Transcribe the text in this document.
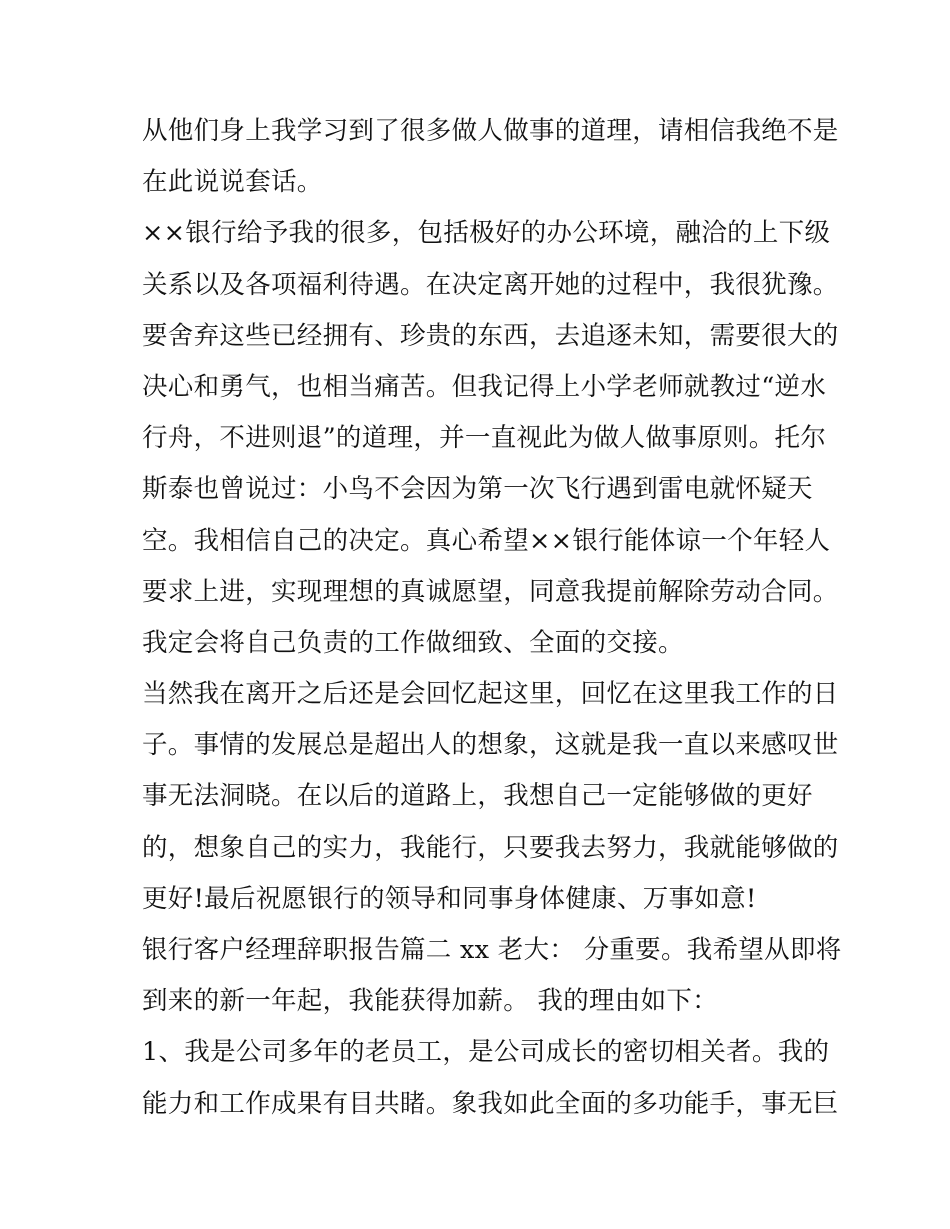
从他们身上我学习到了很多做人做事的道理，请相信我绝不是
在此说说套话。
××银行给予我的很多，包括极好的办公环境，融洽的上下级
关系以及各项福利待遇。在决定离开她的过程中，我很犹豫。
要舍弃这些已经拥有、珍贵的东西，去追逐未知，需要很大的
决心和勇气，也相当痛苦。但我记得上小学老师就教过“逆水
行舟，不进则退”的道理，并一直视此为做人做事原则。托尔
斯泰也曾说过：小鸟不会因为第一次飞行遇到雷电就怀疑天
空。我相信自己的决定。真心希望××银行能体谅一个年轻人
要求上进，实现理想的真诚愿望，同意我提前解除劳动合同。
我定会将自己负责的工作做细致、全面的交接。
当然我在离开之后还是会回忆起这里，回忆在这里我工作的日
子。事情的发展总是超出人的想象，这就是我一直以来感叹世
事无法洞晓。在以后的道路上，我想自己一定能够做的更好
的，想象自己的实力，我能行，只要我去努力，我就能够做的
更好!最后祝愿银行的领导和同事身体健康、万事如意!
银行客户经理辞职报告篇二 xx 老大： 分重要。我希望从即将
到来的新一年起，我能获得加薪。 我的理由如下：
1、我是公司多年的老员工，是公司成长的密切相关者。我的
能力和工作成果有目共睹。象我如此全面的多功能手，事无巨
